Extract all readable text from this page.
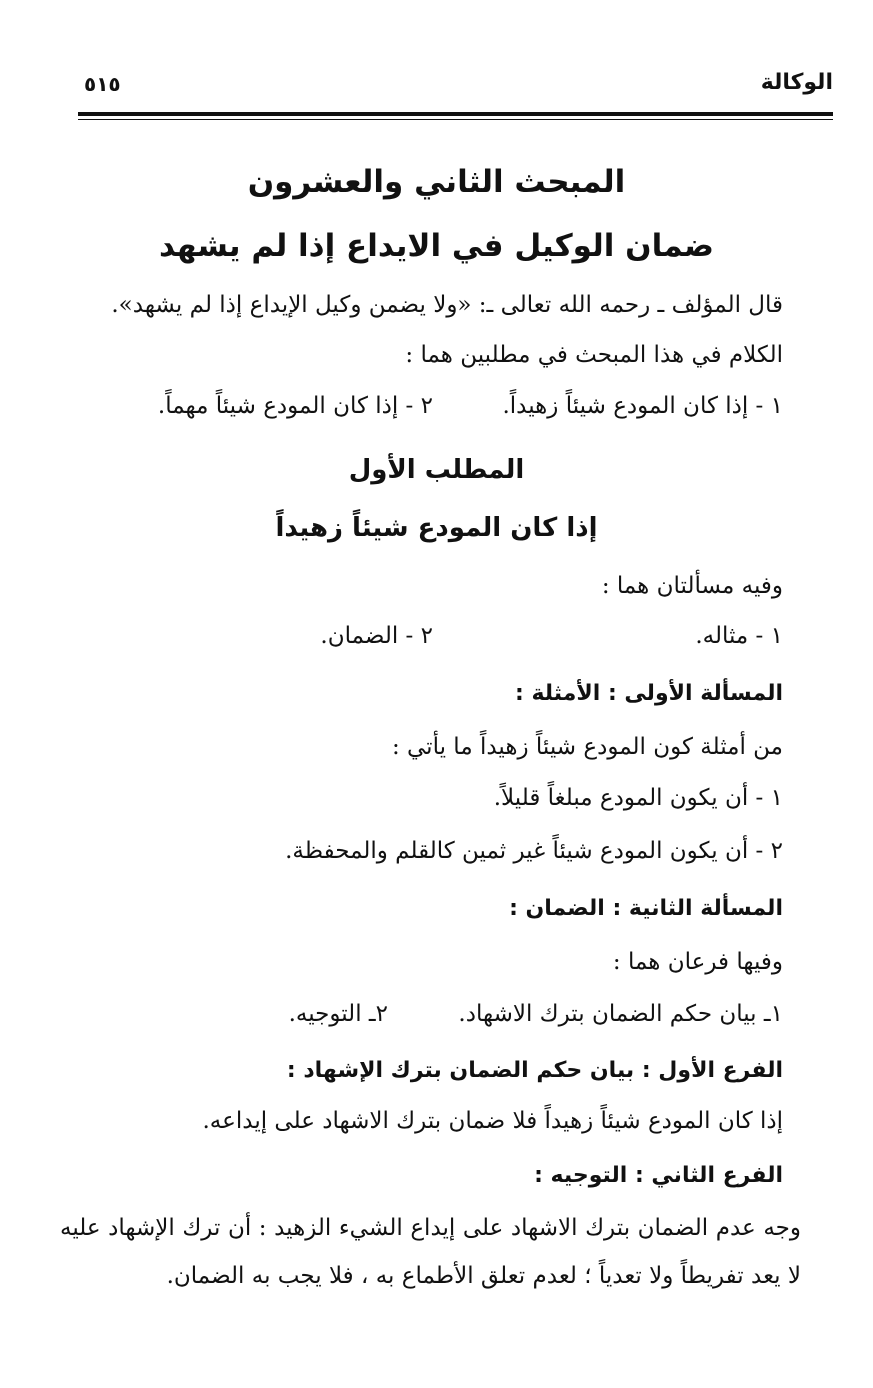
الوكالة
٥١٥
المبحث الثاني والعشرون
ضمان الوكيل في الايداع إذا لم يشهد
قال المؤلف ـ رحمه الله تعالى ـ: «ولا يضمن وكيل الإيداع إذا لم يشهد».
الكلام في هذا المبحث في مطلبين هما :
١ - إذا كان المودع شيئاً زهيداً.
٢ - إذا كان المودع شيئاً مهماً.
المطلب الأول
إذا كان المودع شيئاً زهيداً
وفيه مسألتان هما :
١ - مثاله.
٢ - الضمان.
المسألة الأولى : الأمثلة :
من أمثلة كون المودع شيئاً زهيداً ما يأتي :
١ - أن يكون المودع مبلغاً قليلاً.
٢ - أن يكون المودع شيئاً غير ثمين كالقلم والمحفظة.
المسألة الثانية : الضمان :
وفيها فرعان هما :
١ـ بيان حكم الضمان بترك الاشهاد.
٢ـ التوجيه.
الفرع الأول : بيان حكم الضمان بترك الإشهاد :
إذا كان المودع شيئاً زهيداً فلا ضمان بترك الاشهاد على إيداعه.
الفرع الثاني : التوجيه :
وجه عدم الضمان بترك الاشهاد على إيداع الشيء الزهيد : أن ترك الإشهاد عليه لا يعد تفريطاً ولا تعدياً ؛ لعدم تعلق الأطماع به ، فلا يجب به الضمان.
